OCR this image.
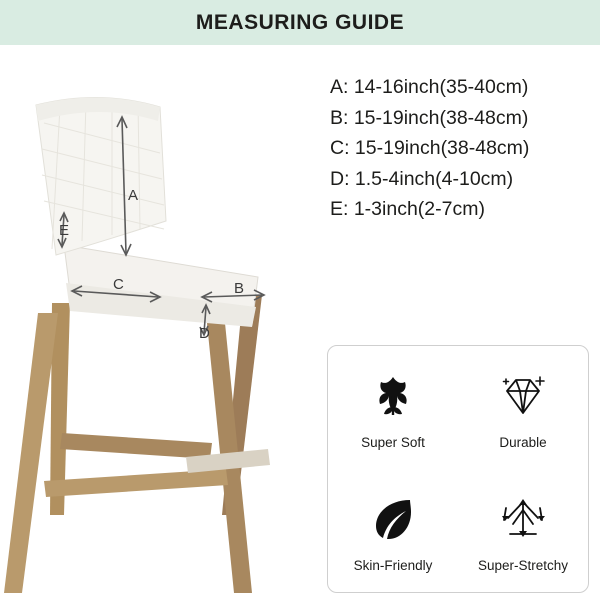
MEASURING GUIDE
A
E
C	B
D
A: 14-16inch(35-40cm)
B: 15-19inch(38-48cm)
C: 15-19inch(38-48cm)
D: 1.5-4inch(4-10cm)
E: 1-3inch(2-7cm)
Super Soft	Durable
Skin-Friendly	Super-Stretchy
